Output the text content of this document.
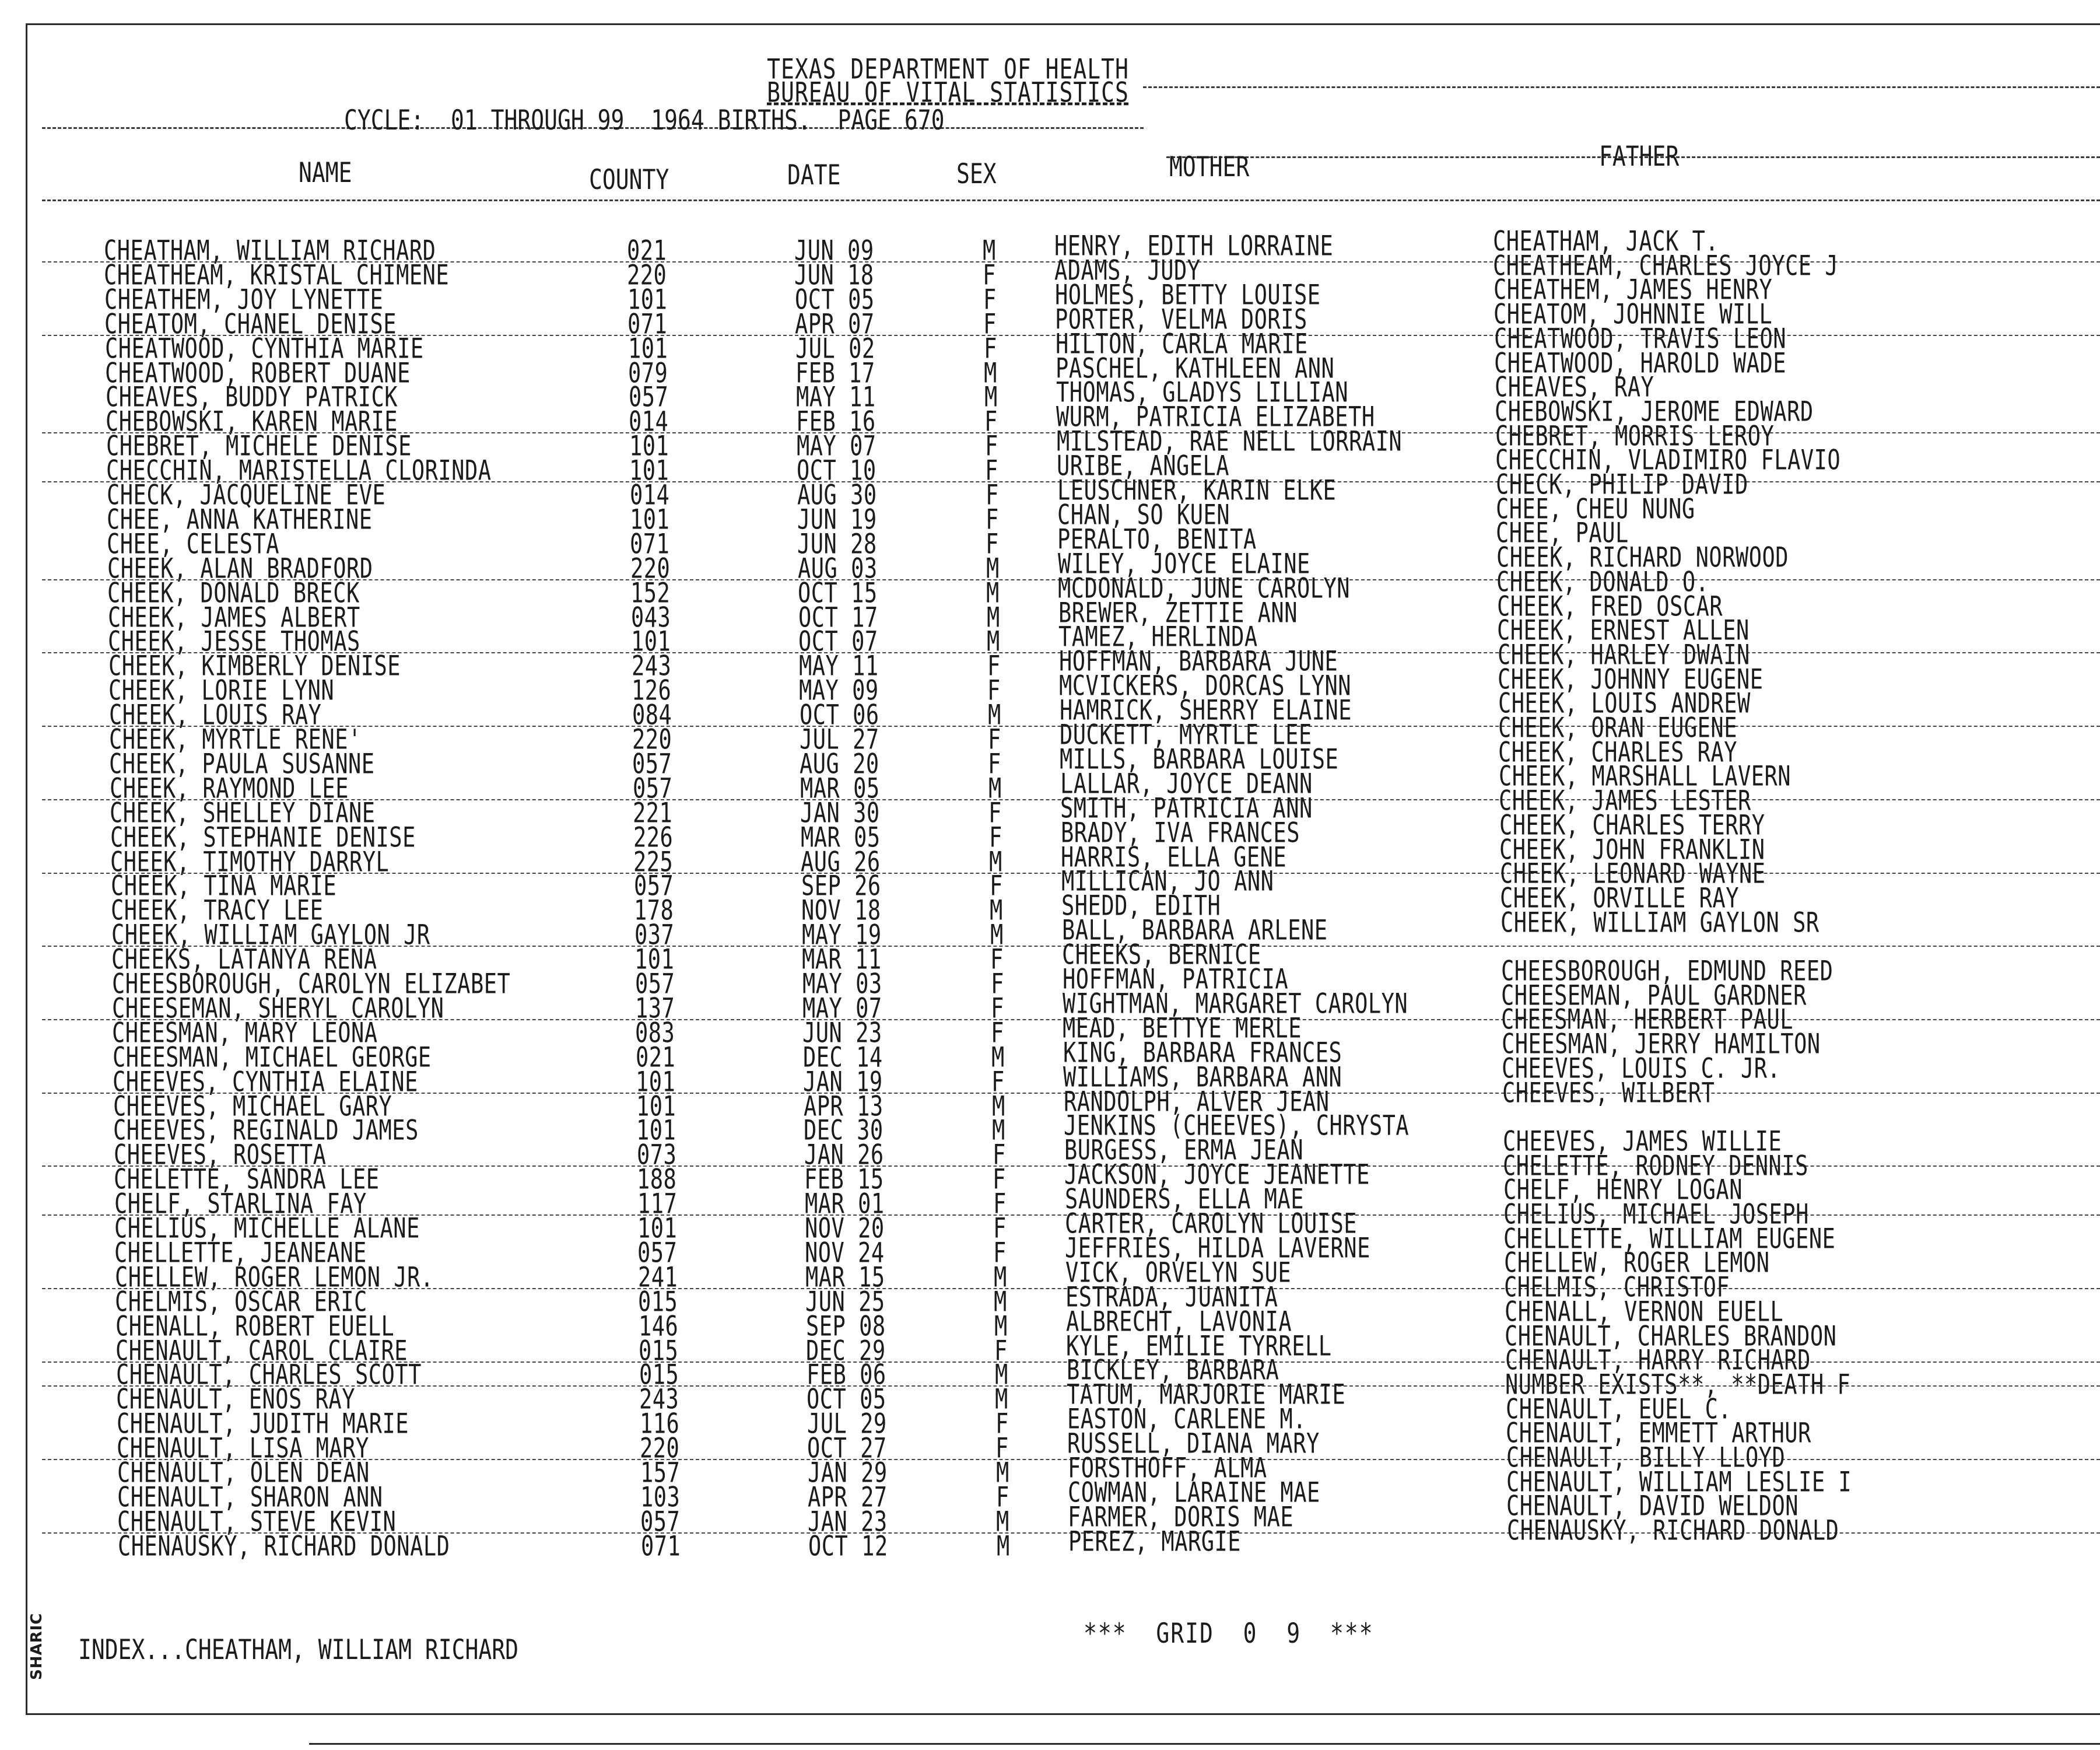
TEXAS DEPARTMENT OF HEALTH
BUREAU OF VITAL STATISTICS
CYCLE:  01 THROUGH 99  1964 BIRTHS.  PAGE 670
NAME	COUNTY	DATE	SEX	MOTHER	FATHER
CHEATHAM, WILLIAM RICHARD	021	JUN 09	M	HENRY, EDITH LORRAINE	CHEATHAM, JACK T.
CHEATHEAM, KRISTAL CHIMENE	220	JUN 18	F	ADAMS, JUDY	CHEATHEAM, CHARLES JOYCE J
CHEATHEM, JOY LYNETTE	101	OCT 05	F	HOLMES, BETTY LOUISE	CHEATHEM, JAMES HENRY
CHEATOM, CHANEL DENISE	071	APR 07	F	PORTER, VELMA DORIS	CHEATOM, JOHNNIE WILL
CHEATWOOD, CYNTHIA MARIE	101	JUL 02	F	HILTON, CARLA MARIE	CHEATWOOD, TRAVIS LEON
CHEATWOOD, ROBERT DUANE	079	FEB 17	M	PASCHEL, KATHLEEN ANN	CHEATWOOD, HAROLD WADE
CHEAVES, BUDDY PATRICK	057	MAY 11	M	THOMAS, GLADYS LILLIAN	CHEAVES, RAY
CHEBOWSKI, KAREN MARIE	014	FEB 16	F	WURM, PATRICIA ELIZABETH	CHEBOWSKI, JEROME EDWARD
CHEBRET, MICHELE DENISE	101	MAY 07	F	MILSTEAD, RAE NELL LORRAIN	CHEBRET, MORRIS LEROY
CHECCHIN, MARISTELLA CLORINDA	101	OCT 10	F	URIBE, ANGELA	CHECCHIN, VLADIMIRO FLAVIO
CHECK, JACQUELINE EVE	014	AUG 30	F	LEUSCHNER, KARIN ELKE	CHECK, PHILIP DAVID
CHEE, ANNA KATHERINE	101	JUN 19	F	CHAN, SO KUEN	CHEE, CHEU NUNG
CHEE, CELESTA	071	JUN 28	F	PERALTO, BENITA	CHEE, PAUL
CHEEK, ALAN BRADFORD	220	AUG 03	M	WILEY, JOYCE ELAINE	CHEEK, RICHARD NORWOOD
CHEEK, DONALD BRECK	152	OCT 15	M	MCDONALD, JUNE CAROLYN	CHEEK, DONALD O.
CHEEK, JAMES ALBERT	043	OCT 17	M	BREWER, ZETTIE ANN	CHEEK, FRED OSCAR
CHEEK, JESSE THOMAS	101	OCT 07	M	TAMEZ, HERLINDA	CHEEK, ERNEST ALLEN
CHEEK, KIMBERLY DENISE	243	MAY 11	F	HOFFMAN, BARBARA JUNE	CHEEK, HARLEY DWAIN
CHEEK, LORIE LYNN	126	MAY 09	F	MCVICKERS, DORCAS LYNN	CHEEK, JOHNNY EUGENE
CHEEK, LOUIS RAY	084	OCT 06	M	HAMRICK, SHERRY ELAINE	CHEEK, LOUIS ANDREW
CHEEK, MYRTLE RENE'	220	JUL 27	F	DUCKETT, MYRTLE LEE	CHEEK, ORAN EUGENE
CHEEK, PAULA SUSANNE	057	AUG 20	F	MILLS, BARBARA LOUISE	CHEEK, CHARLES RAY
CHEEK, RAYMOND LEE	057	MAR 05	M	LALLAR, JOYCE DEANN	CHEEK, MARSHALL LAVERN
CHEEK, SHELLEY DIANE	221	JAN 30	F	SMITH, PATRICIA ANN	CHEEK, JAMES LESTER
CHEEK, STEPHANIE DENISE	226	MAR 05	F	BRADY, IVA FRANCES	CHEEK, CHARLES TERRY
CHEEK, TIMOTHY DARRYL	225	AUG 26	M	HARRIS, ELLA GENE	CHEEK, JOHN FRANKLIN
CHEEK, TINA MARIE	057	SEP 26	F	MILLICAN, JO ANN	CHEEK, LEONARD WAYNE
CHEEK, TRACY LEE	178	NOV 18	M	SHEDD, EDITH	CHEEK, ORVILLE RAY
CHEEK, WILLIAM GAYLON JR	037	MAY 19	M	BALL, BARBARA ARLENE	CHEEK, WILLIAM GAYLON SR
CHEEKS, LATANYA RENA	101	MAR 11	F	CHEEKS, BERNICE
CHEESBOROUGH, CAROLYN ELIZABET	057	MAY 03	F	HOFFMAN, PATRICIA	CHEESBOROUGH, EDMUND REED
CHEESEMAN, SHERYL CAROLYN	137	MAY 07	F	WIGHTMAN, MARGARET CAROLYN	CHEESEMAN, PAUL GARDNER
CHEESMAN, MARY LEONA	083	JUN 23	F	MEAD, BETTYE MERLE	CHEESMAN, HERBERT PAUL
CHEESMAN, MICHAEL GEORGE	021	DEC 14	M	KING, BARBARA FRANCES	CHEESMAN, JERRY HAMILTON
CHEEVES, CYNTHIA ELAINE	101	JAN 19	F	WILLIAMS, BARBARA ANN	CHEEVES, LOUIS C. JR.
CHEEVES, MICHAEL GARY	101	APR 13	M	RANDOLPH, ALVER JEAN	CHEEVES, WILBERT
CHEEVES, REGINALD JAMES	101	DEC 30	M	JENKINS (CHEEVES), CHRYSTA
CHEEVES, ROSETTA	073	JAN 26	F	BURGESS, ERMA JEAN	CHEEVES, JAMES WILLIE
CHELETTE, SANDRA LEE	188	FEB 15	F	JACKSON, JOYCE JEANETTE	CHELETTE, RODNEY DENNIS
CHELF, STARLINA FAY	117	MAR 01	F	SAUNDERS, ELLA MAE	CHELF, HENRY LOGAN
CHELIUS, MICHELLE ALANE	101	NOV 20	F	CARTER, CAROLYN LOUISE	CHELIUS, MICHAEL JOSEPH
CHELLETTE, JEANEANE	057	NOV 24	F	JEFFRIES, HILDA LAVERNE	CHELLETTE, WILLIAM EUGENE
CHELLEW, ROGER LEMON JR.	241	MAR 15	M	VICK, ORVELYN SUE	CHELLEW, ROGER LEMON
CHELMIS, OSCAR ERIC	015	JUN 25	M	ESTRADA, JUANITA	CHELMIS, CHRISTOF
CHENALL, ROBERT EUELL	146	SEP 08	M	ALBRECHT, LAVONIA	CHENALL, VERNON EUELL
CHENAULT, CAROL CLAIRE	015	DEC 29	F	KYLE, EMILIE TYRRELL	CHENAULT, CHARLES BRANDON
CHENAULT, CHARLES SCOTT	015	FEB 06	M	BICKLEY, BARBARA	CHENAULT, HARRY RICHARD
CHENAULT, ENOS RAY	243	OCT 05	M	TATUM, MARJORIE MARIE	NUMBER EXISTS**, **DEATH F
CHENAULT, JUDITH MARIE	116	JUL 29	F	EASTON, CARLENE M.	CHENAULT, EUEL C.
CHENAULT, LISA MARY	220	OCT 27	F	RUSSELL, DIANA MARY	CHENAULT, EMMETT ARTHUR
CHENAULT, OLEN DEAN	157	JAN 29	M	FORSTHOFF, ALMA	CHENAULT, BILLY LLOYD
CHENAULT, SHARON ANN	103	APR 27	F	COWMAN, LARAINE MAE	CHENAULT, WILLIAM LESLIE I
CHENAULT, STEVE KEVIN	057	JAN 23	M	FARMER, DORIS MAE	CHENAULT, DAVID WELDON
CHENAUSKY, RICHARD DONALD	071	OCT 12	M	PEREZ, MARGIE	CHENAUSKY, RICHARD DONALD
***  GRID  0  9  ***
INDEX...CHEATHAM, WILLIAM RICHARD
SHARIC
